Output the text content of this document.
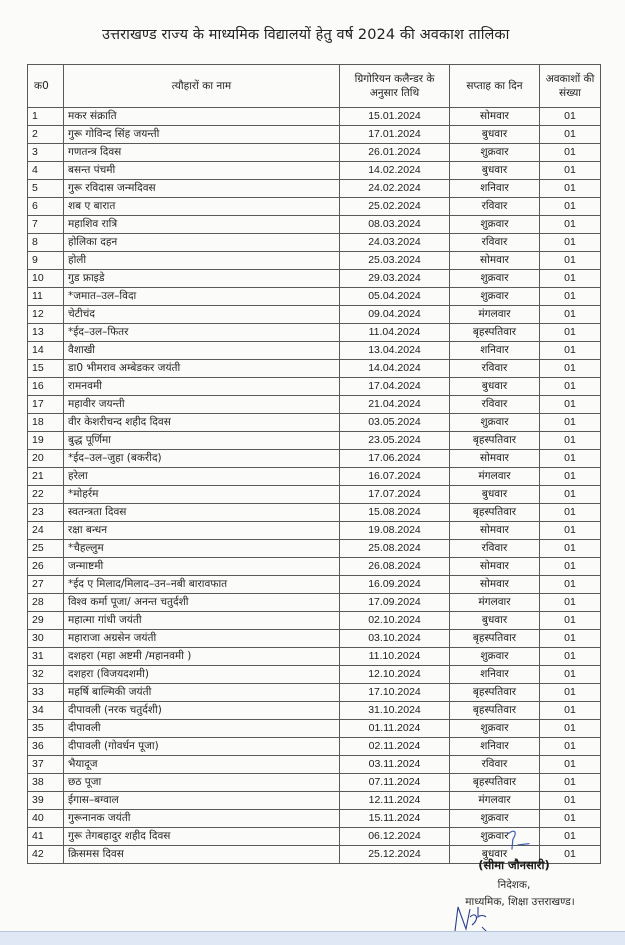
उत्तराखण्ड राज्य के माध्यमिक विद्यालयों हेतु वर्ष 2024 की अवकाश तालिका
क0	त्यौहारों का नाम	ग्रिगोरियन कलैन्डर के अनुसार तिथि	सप्ताह का दिन	अवकाशों की संख्या
1	मकर संक्राति	15.01.2024	सोमवार	01
2	गुरू गोविन्द सिंह जयन्ती	17.01.2024	बुधवार	01
3	गणतन्त्र दिवस	26.01.2024	शुक्रवार	01
4	बसन्त पंचमी	14.02.2024	बुधवार	01
5	गुरू रविदास जन्मदिवस	24.02.2024	शनिवार	01
6	शब ए बारात	25.02.2024	रविवार	01
7	महाशिव रात्रि	08.03.2024	शुक्रवार	01
8	होलिका दहन	24.03.2024	रविवार	01
9	होली	25.03.2024	सोमवार	01
10	गुड फ्राइडे	29.03.2024	शुक्रवार	01
11	*जमात–उल–विदा	05.04.2024	शुक्रवार	01
12	चेटीचंद	09.04.2024	मंगलवार	01
13	*ईद–उल–फितर	11.04.2024	बृहस्पतिवार	01
14	वैशाखी	13.04.2024	शनिवार	01
15	डा0 भीमराव अम्बेडकर जयंती	14.04.2024	रविवार	01
16	रामनवमी	17.04.2024	बुधवार	01
17	महावीर जयन्ती	21.04.2024	रविवार	01
18	वीर केशरीचन्द शहीद दिवस	03.05.2024	शुक्रवार	01
19	बुद्ध पूर्णिमा	23.05.2024	बृहस्पतिवार	01
20	*ईद–उल–जुहा (बकरीद)	17.06.2024	सोमवार	01
21	हरेला	16.07.2024	मंगलवार	01
22	*मोहर्रम	17.07.2024	बुधवार	01
23	स्वतन्त्रता दिवस	15.08.2024	बृहस्पतिवार	01
24	रक्षा बन्धन	19.08.2024	सोमवार	01
25	*चैहल्लुम	25.08.2024	रविवार	01
26	जन्माष्टमी	26.08.2024	सोमवार	01
27	*ईद ए मिलाद/मिलाद–उन–नबी बारावफात	16.09.2024	सोमवार	01
28	विश्व कर्मा पूजा/ अनन्त चतुर्दशी	17.09.2024	मंगलवार	01
29	महात्मा गांधी जयंती	02.10.2024	बुधवार	01
30	महाराजा अग्रसेन जयंती	03.10.2024	बृहस्पतिवार	01
31	दशहरा (महा अष्टमी /महानवमी )	11.10.2024	शुक्रवार	01
32	दशहरा (विजयदशमी)	12.10.2024	शनिवार	01
33	महर्षि बाल्मिकी जयंती	17.10.2024	बृहस्पतिवार	01
34	दीपावली (नरक चतुर्दशी)	31.10.2024	बृहस्पतिवार	01
35	दीपावली	01.11.2024	शुक्रवार	01
36	दीपावली (गोवर्धन पूजा)	02.11.2024	शनिवार	01
37	भैयादूज	03.11.2024	रविवार	01
38	छठ पूजा	07.11.2024	बृहस्पतिवार	01
39	ईगास–बग्वाल	12.11.2024	मंगलवार	01
40	गुरूनानक जयंती	15.11.2024	शुक्रवार	01
41	गुरू तेगबहादुर शहीद दिवस	06.12.2024	शुक्रवार	01
42	क्रिसमस दिवस	25.12.2024	बुधवार	01
(सीमा जौनसारी)
निदेशक,
माध्यमिक, शिक्षा उत्तराखण्ड।
